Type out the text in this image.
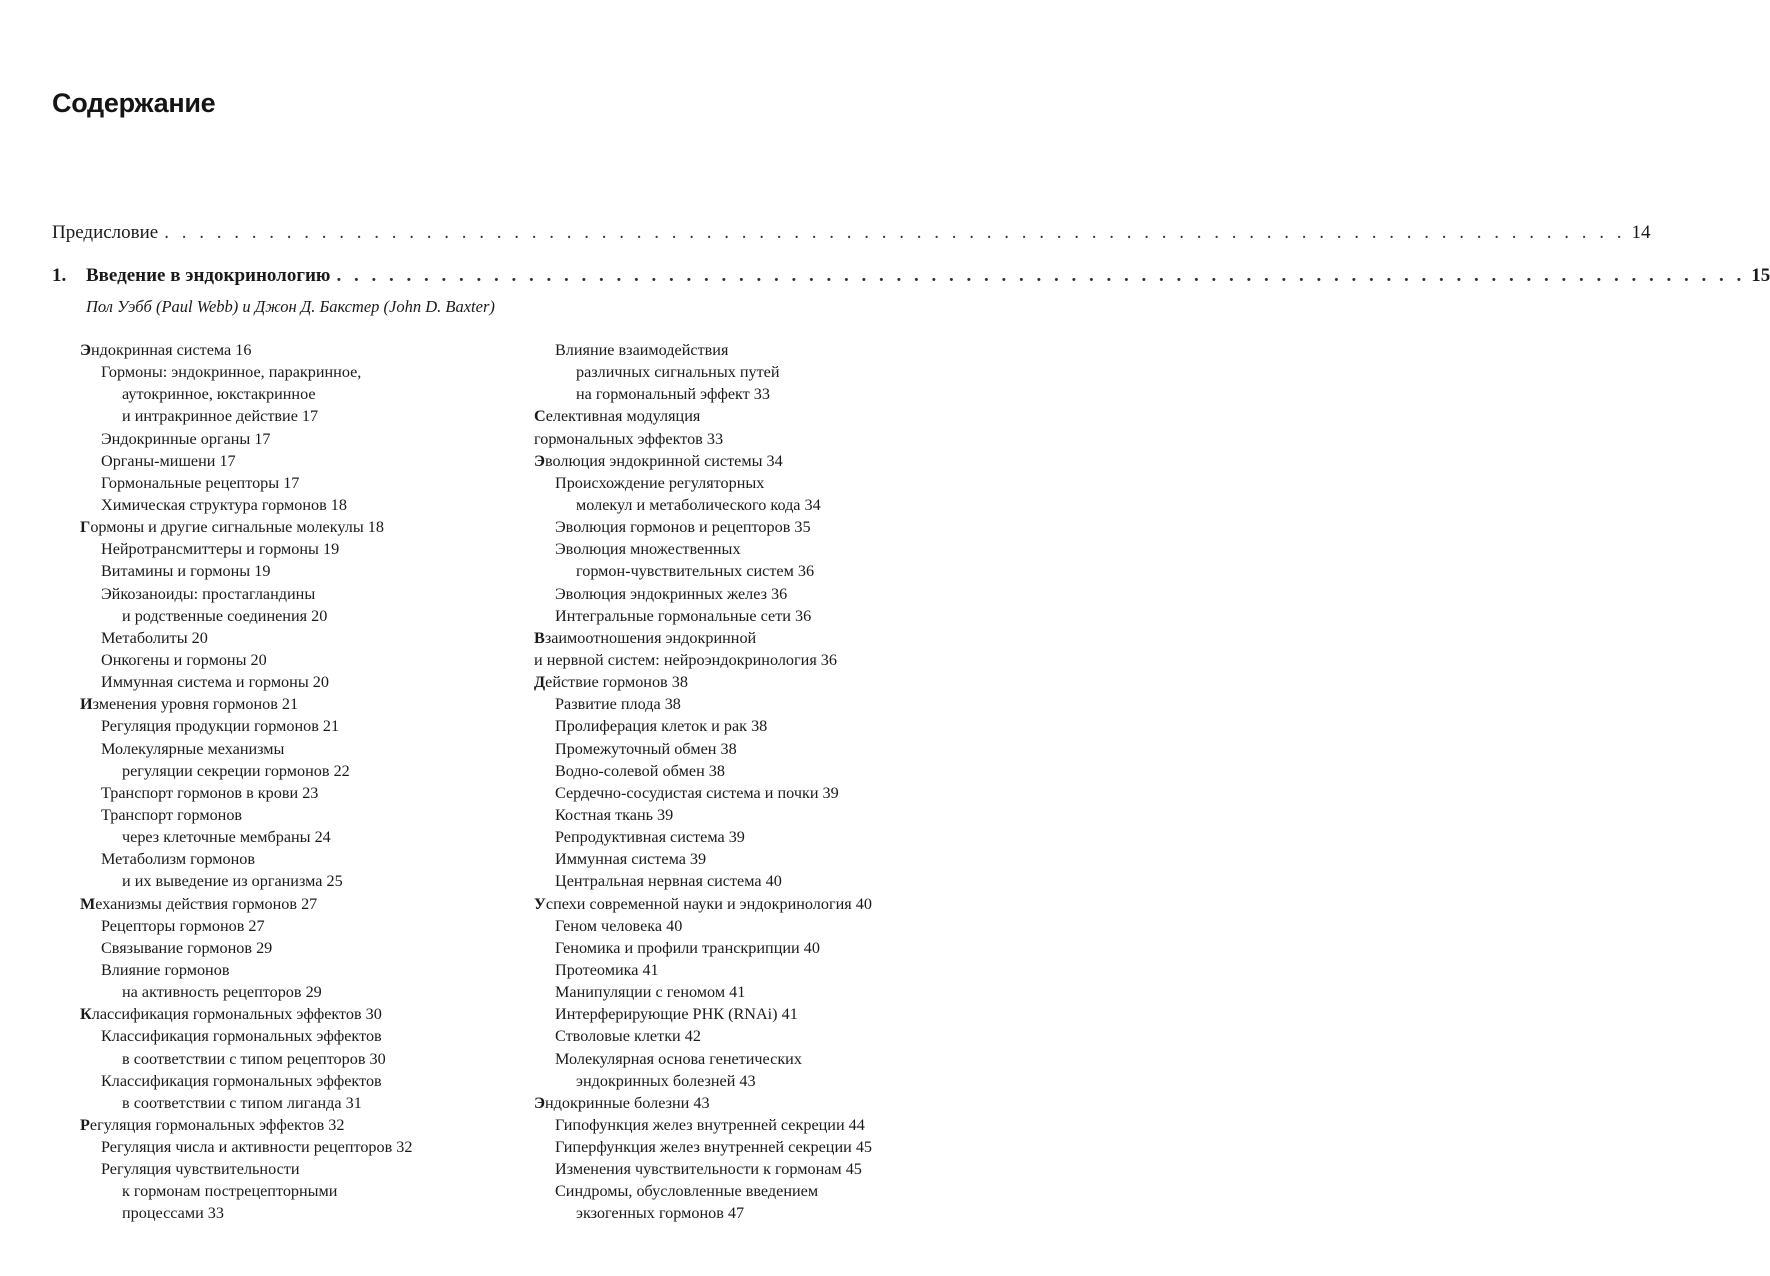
Содержание
Предисловие . . . . . . . . . . . . . . . . . . . . . . . . . . . . . . . . . . . . . . . . . . . . . . . . . . . . . . . . . . . . . . . . . . . . . . . . . . . . . . . . . . . . 14
1. Введение в эндокринологию . . . . . . . . . . . . . . . . . . . . . . . . . . . . . . . . . . . . . . . . . . . . . . . . . . . . . . . . . . . . . . . . . . . . . . . . . . . . . . . . . 15
Пол Уэбб (Paul Webb) и Джон Д. Бакстер (John D. Baxter)
Эндокринная система 16
Гормоны: эндокринное, паракринное,
аутокринное, юкстакринное
и интракринное действие 17
Эндокринные органы 17
Органы-мишени 17
Гормональные рецепторы 17
Химическая структура гормонов 18
Гормоны и другие сигнальные молекулы 18
Нейротрансмиттеры и гормоны 19
Витамины и гормоны 19
Эйкозаноиды: простагландины
и родственные соединения 20
Метаболиты 20
Онкогены и гормоны 20
Иммунная система и гормоны 20
Изменения уровня гормонов 21
Регуляция продукции гормонов 21
Молекулярные механизмы
регуляции секреции гормонов 22
Транспорт гормонов в крови 23
Транспорт гормонов
через клеточные мембраны 24
Метаболизм гормонов
и их выведение из организма 25
Механизмы действия гормонов 27
Рецепторы гормонов 27
Связывание гормонов 29
Влияние гормонов
на активность рецепторов 29
Классификация гормональных эффектов 30
Классификация гормональных эффектов
в соответствии с типом рецепторов 30
Классификация гормональных эффектов
в соответствии с типом лиганда 31
Регуляция гормональных эффектов 32
Регуляция числа и активности рецепторов 32
Регуляция чувствительности
к гормонам пострецепторными
процессами 33
Влияние взаимодействия
различных сигнальных путей
на гормональный эффект 33
Селективная модуляция
гормональных эффектов 33
Эволюция эндокринной системы 34
Происхождение регуляторных
молекул и метаболического кода 34
Эволюция гормонов и рецепторов 35
Эволюция множественных
гормон-чувствительных систем 36
Эволюция эндокринных желез 36
Интегральные гормональные сети 36
Взаимоотношения эндокринной
и нервной систем: нейроэндокринология 36
Действие гормонов 38
Развитие плода 38
Пролиферация клеток и рак 38
Промежуточный обмен 38
Водно-солевой обмен 38
Сердечно-сосудистая система и почки 39
Костная ткань 39
Репродуктивная система 39
Иммунная система 39
Центральная нервная система 40
Успехи современной науки и эндокринология 40
Геном человека 40
Геномика и профили транскрипции 40
Протеомика 41
Манипуляции с геномом 41
Интерферирующие РНК (RNAi) 41
Стволовые клетки 42
Молекулярная основа генетических
эндокринных болезней 43
Эндокринные болезни 43
Гипофункция желез внутренней секреции 44
Гиперфункция желез внутренней секреции 45
Изменения чувствительности к гормонам 45
Синдромы, обусловленные введением
экзогенных гормонов 47
